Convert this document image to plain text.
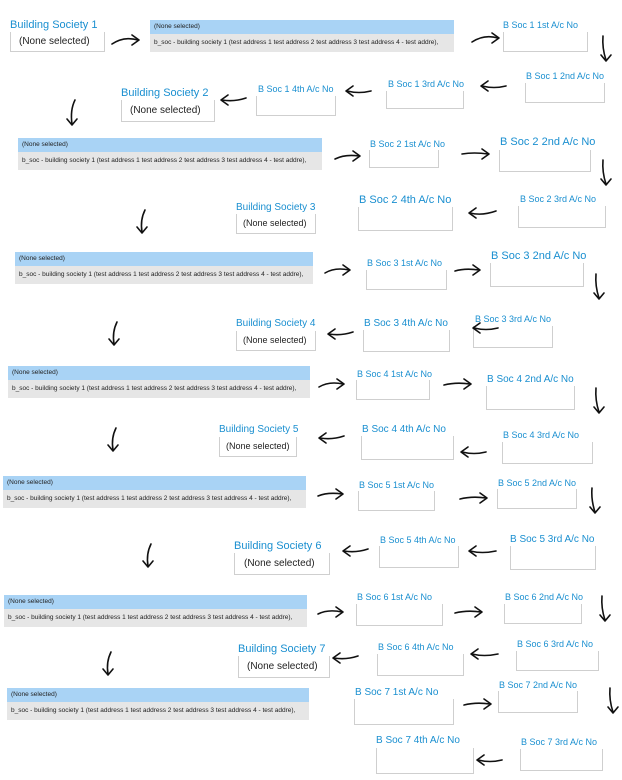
Building Society 1
(None selected)
(None selected)
b_soc - building society 1 (test address 1 test address 2 test address 3 test address 4 - test addre),
B Soc 1 1st A/c No
B Soc 1 2nd A/c No
B Soc 1 3rd A/c No
B Soc 1 4th A/c No
Building Society 2
(None selected)
(None selected)
b_soc - building society 1 (test address 1 test address 2 test address 3 test address 4 - test addre),
B Soc 2 1st A/c No	B Soc 2 2nd A/c No
B Soc 2 3rd A/c No
B Soc 2 4th A/c No
Building Society 3
(None selected)
(None selected)
b_soc - building society 1 (test address 1 test address 2 test address 3 test address 4 - test addre),
B Soc 3 1st A/c No
B Soc 3 2nd A/c No
B Soc 3 3rd A/c No
B Soc 3 4th A/c No
Building Society 4
(None selected)
(None selected)
b_soc - building society 1 (test address 1 test address 2 test address 3 test address 4 - test addre),
B Soc 4 1st A/c No	B Soc 4 2nd A/c No
B Soc 4 3rd A/c No
B Soc 4 4th A/c No
Building Society 5
(None selected)
(None selected)
b_soc - building society 1 (test address 1 test address 2 test address 3 test address 4 - test addre),
B Soc 5 1st A/c No	B Soc 5 2nd A/c No
B Soc 5 3rd A/c No
B Soc 5 4th A/c No
Building Society 6
(None selected)
(None selected)
b_soc - building society 1 (test address 1 test address 2 test address 3 test address 4 - test addre),
B Soc 6 1st A/c No	B Soc 6 2nd A/c No
B Soc 6 3rd A/c No
B Soc 6 4th A/c No
Building Society 7
(None selected)
(None selected)
b_soc - building society 1 (test address 1 test address 2 test address 3 test address 4 - test addre),
B Soc 7 1st A/c No
B Soc 7 2nd A/c No
B Soc 7 3rd A/c No
B Soc 7 4th A/c No
